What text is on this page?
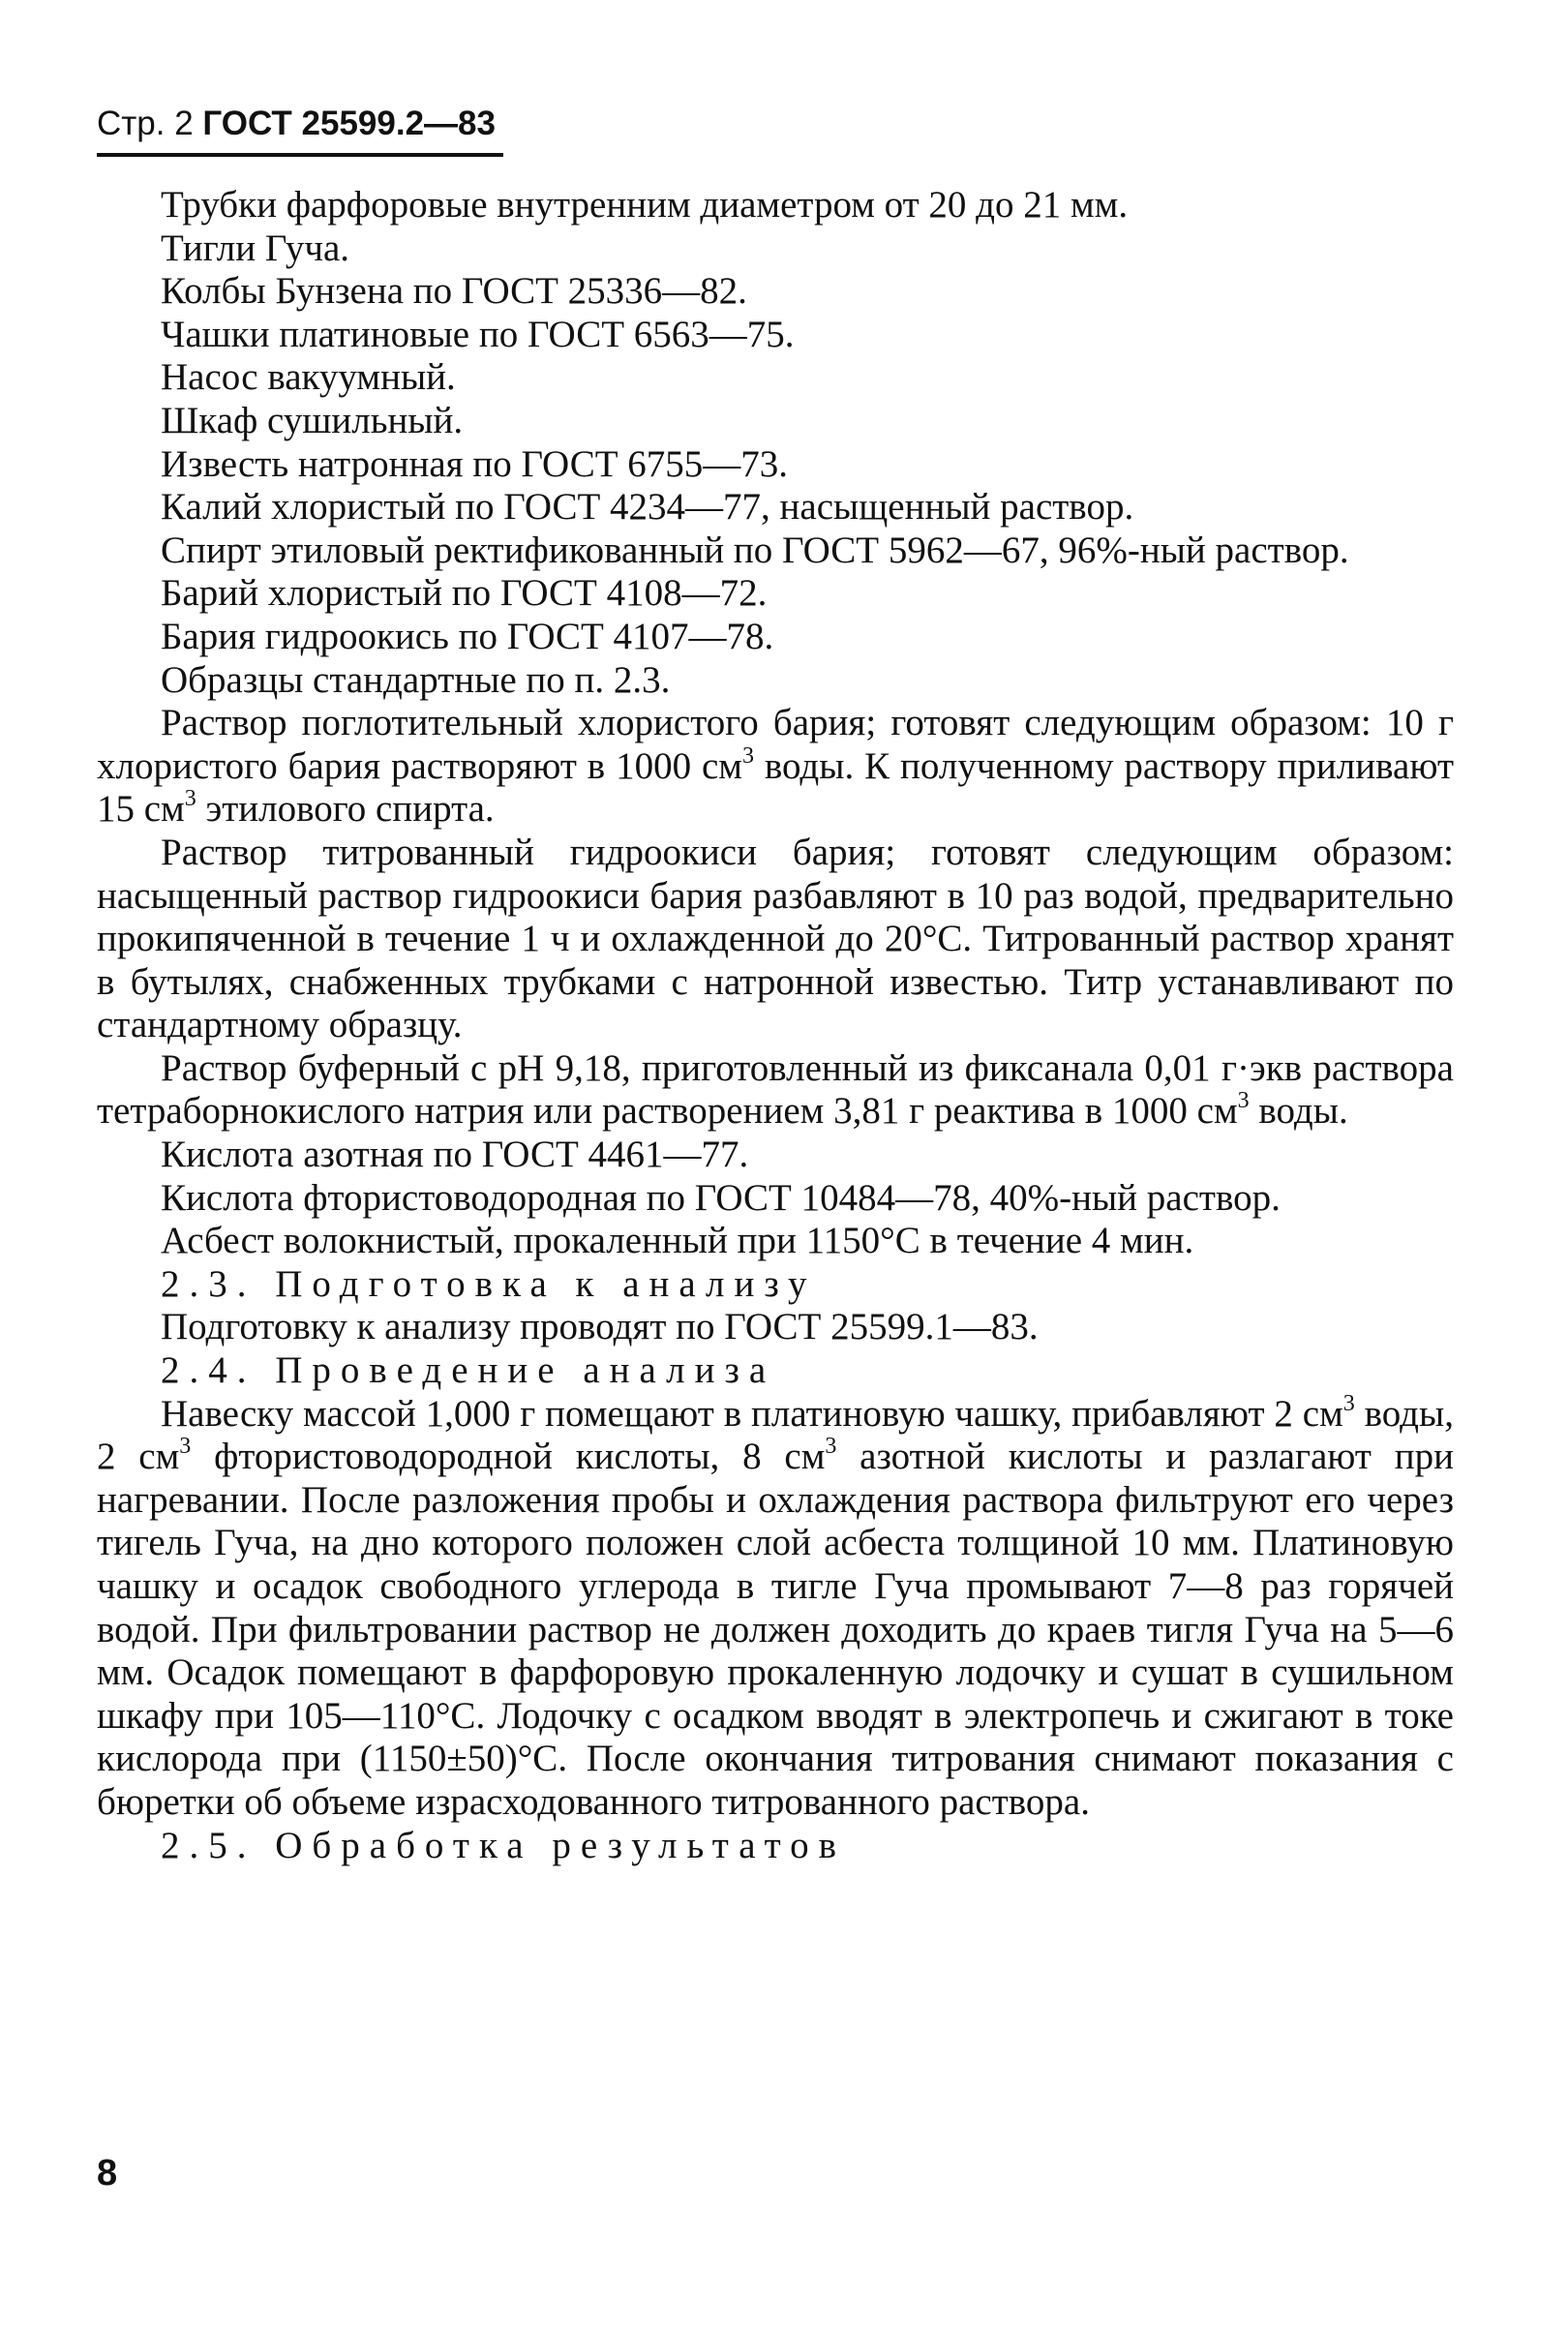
Стр. 2 ГОСТ 25599.2—83

Трубки фарфоровые внутренним диаметром от 20 до 21 мм.

Тигли Гуча.

Колбы Бунзена по ГОСТ 25336—82.

Чашки платиновые по ГОСТ 6563—75.

Насос вакуумный.

Шкаф сушильный.

Известь натронная по ГОСТ 6755—73.

Калий хлористый по ГОСТ 4234—77, насыщенный раствор.

Спирт этиловый ректификованный по ГОСТ 5962—67, 96%-ный раствор.

Барий хлористый по ГОСТ 4108—72.

Бария гидроокись по ГОСТ 4107—78.

Образцы стандартные по п. 2.3.

Раствор поглотительный хлористого бария; готовят следующим образом: 10 г хлористого бария растворяют в 1000 $см^3$ воды. К полученному раствору приливают 15 $см^3$ этилового спирта.

Раствор титрованный гидроокиси бария; готовят следующим образом: насыщенный раствор гидроокиси бария разбавляют в 10 раз водой, предварительно прокипяченной в течение 1 ч и охлажденной до 20°С. Титрованный раствор хранят в бутылях, снабженных трубками с натронной известью. Титр устанавливают по стандартному образцу.

Раствор буферный с рН 9,18, приготовленный из фиксанала 0,01 г·экв раствора тетраборнокислого натрия или растворением 3,81 г реактива в 1000 $см^3$ воды.

Кислота азотная по ГОСТ 4461—77.

Кислота фтористоводородная по ГОСТ 10484—78, 40%-ный раствор.

Асбест волокнистый, прокаленный при 1150°С в течение 4 мин.

2.3. Подготовка к анализу

Подготовку к анализу проводят по ГОСТ 25599.1—83.

2.4. Проведение анализа

Навеску массой 1,000 г помещают в платиновую чашку, прибавляют 2 $см^3$ воды, 2 $см^3$ фтористоводородной кислоты, 8 $см^3$ азотной кислоты и разлагают при нагревании. После разложения пробы и охлаждения раствора фильтруют его через тигель Гуча, на дно которого положен слой асбеста толщиной 10 мм. Платиновую чашку и осадок свободного углерода в тигле Гуча промывают 7—8 раз горячей водой. При фильтровании раствор не должен доходить до краев тигля Гуча на 5—6 мм. Осадок помещают в фарфоровую прокаленную лодочку и сушат в сушильном шкафу при 105—110°С. Лодочку с осадком вводят в электропечь и сжигают в токе кислорода при (1150±50)°С. После окончания титрования снимают показания с бюретки об объеме израсходованного титрованного раствора.

2.5. Обработка результатов

8
